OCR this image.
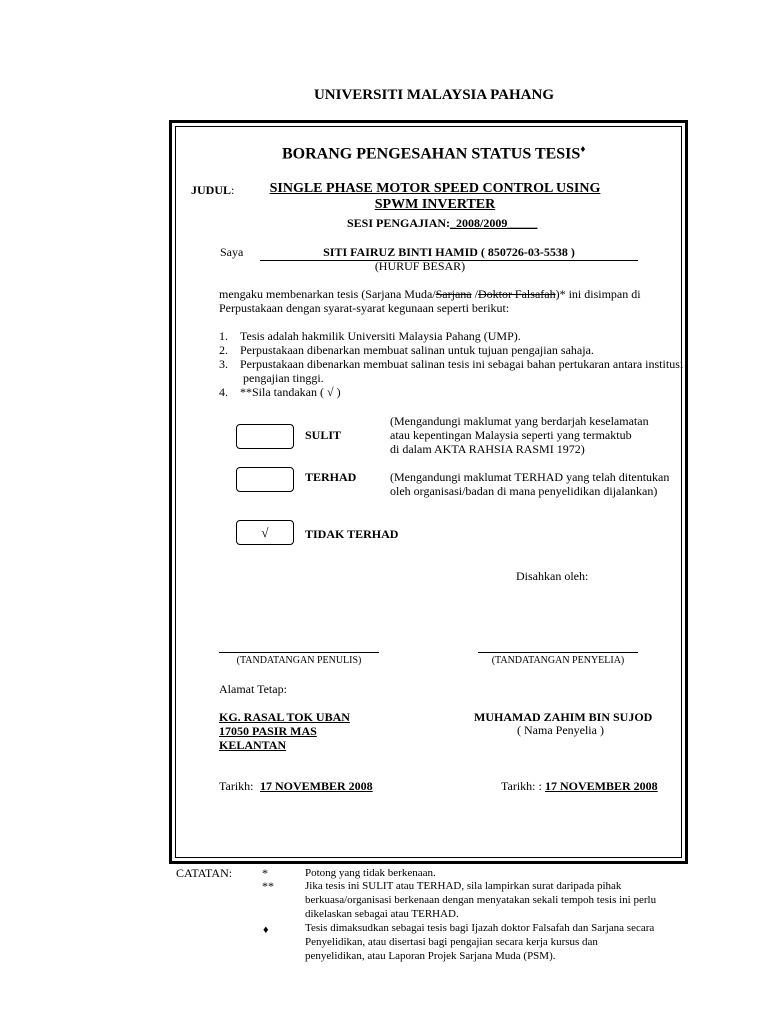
UNIVERSITI MALAYSIA PAHANG
BORANG PENGESAHAN STATUS TESIS♦
JUDUL:	SINGLE PHASE MOTOR SPEED CONTROL USING
SPWM INVERTER
SESI PENGAJIAN:_2008/2009_____
Saya	SITI FAIRUZ BINTI HAMID ( 850726-03-5538 )
(HURUF BESAR)
mengaku membenarkan tesis (Sarjana Muda/Sarjana /Doktor Falsafah)* ini disimpan di
Perpustakaan dengan syarat-syarat kegunaan seperti berikut:
1. Tesis adalah hakmilik Universiti Malaysia Pahang (UMP).
2. Perpustakaan dibenarkan membuat salinan untuk tujuan pengajian sahaja.
3. Perpustakaan dibenarkan membuat salinan tesis ini sebagai bahan pertukaran antara institusi
pengajian tinggi.
4. **Sila tandakan ( √ )
SULIT
(Mengandungi maklumat yang berdarjah keselamatan
atau kepentingan Malaysia seperti yang termaktub
di dalam AKTA RAHSIA RASMI 1972)
TERHAD	(Mengandungi maklumat TERHAD yang telah ditentukan
oleh organisasi/badan di mana penyelidikan dijalankan)
√	TIDAK TERHAD
Disahkan oleh:
(TANDATANGAN PENULIS)	(TANDATANGAN PENYELIA)
Alamat Tetap:
KG. RASAL TOK UBAN
17050 PASIR MAS
KELANTAN
MUHAMAD ZAHIM BIN SUJOD
( Nama Penyelia )
Tarikh: 17 NOVEMBER 2008	Tarikh: : 17 NOVEMBER 2008
CATATAN: *	Potong yang tidak berkenaan.
**	Jika tesis ini SULIT atau TERHAD, sila lampirkan surat daripada pihak
berkuasa/organisasi berkenaan dengan menyatakan sekali tempoh tesis ini perlu
dikelaskan sebagai atau TERHAD.
♦	Tesis dimaksudkan sebagai tesis bagi Ijazah doktor Falsafah dan Sarjana secara
Penyelidikan, atau disertasi bagi pengajian secara kerja kursus dan
penyelidikan, atau Laporan Projek Sarjana Muda (PSM).
